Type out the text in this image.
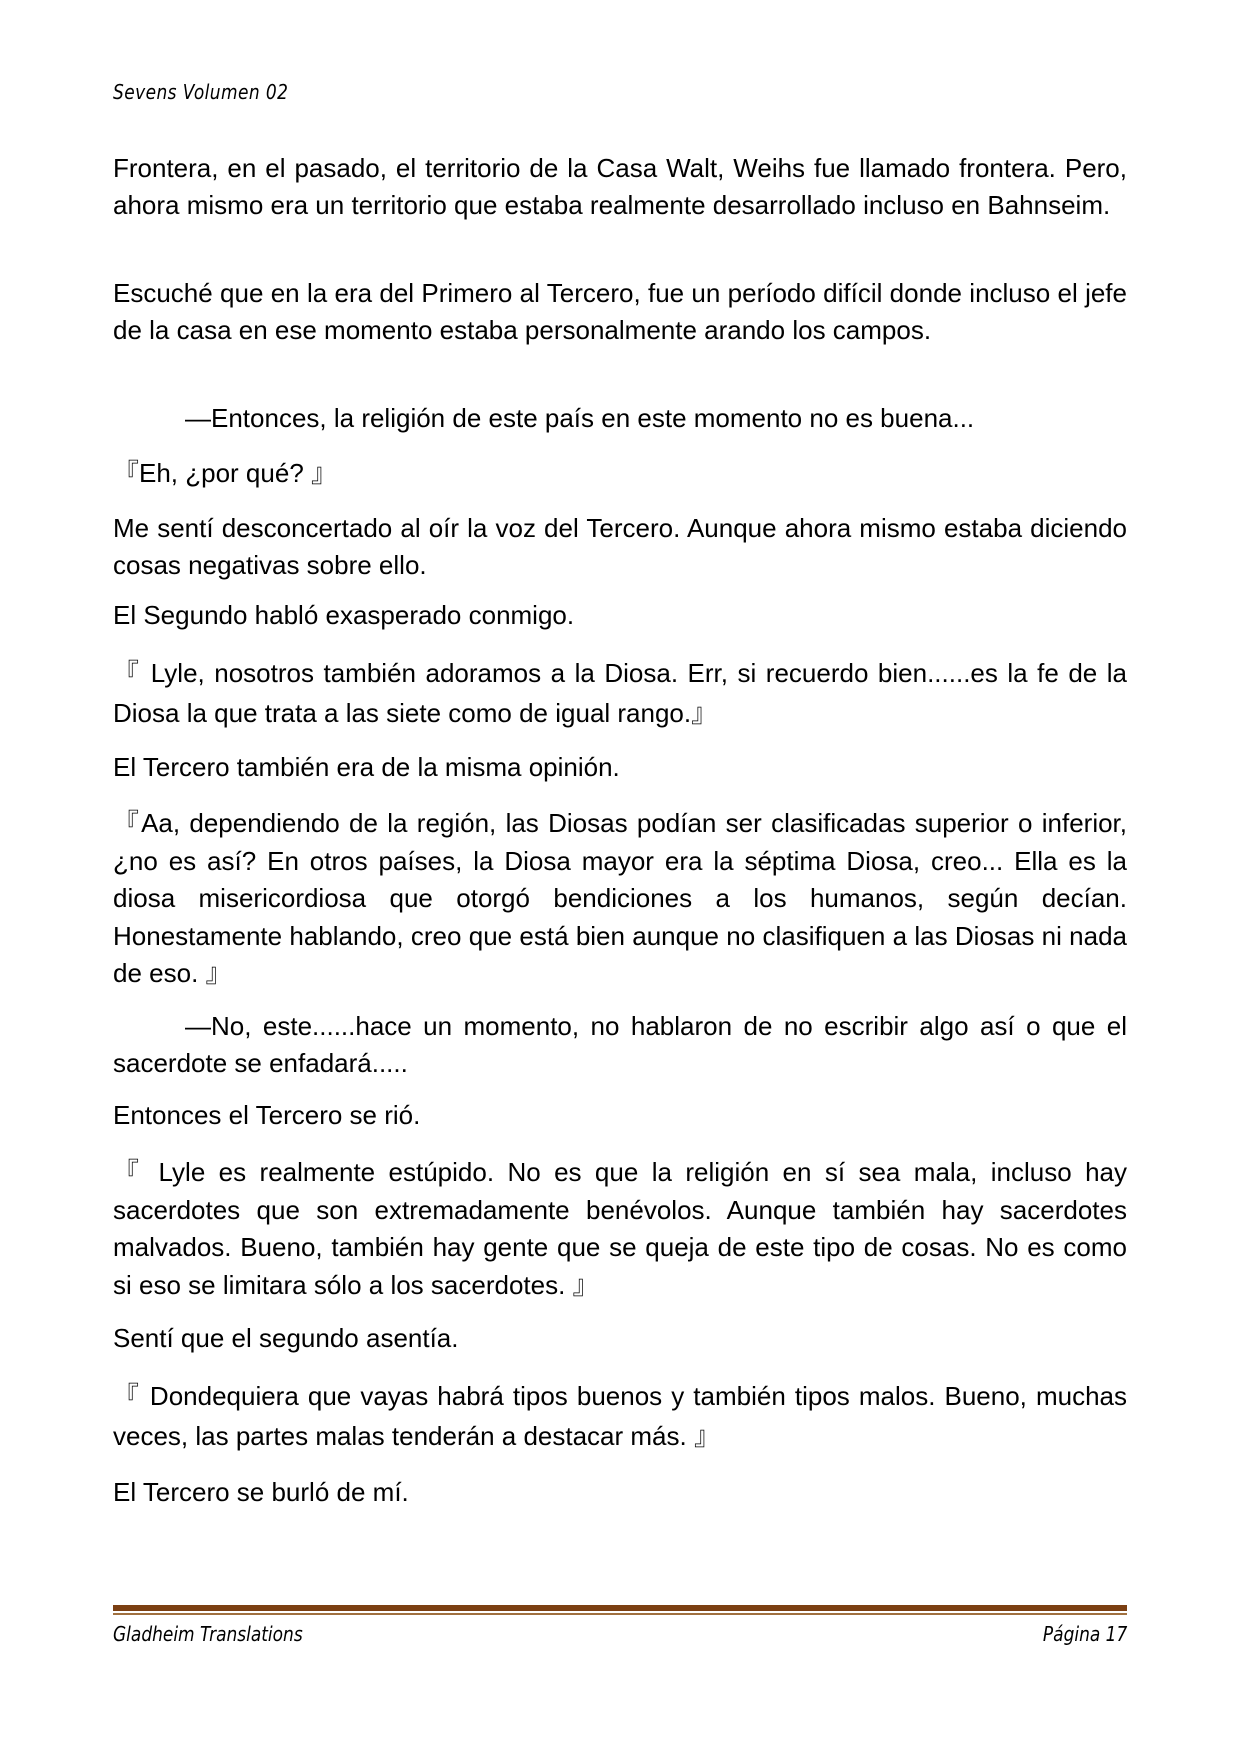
Sevens Volumen 02
Frontera, en el pasado, el territorio de la Casa Walt, Weihs fue llamado frontera. Pero, ahora mismo era un territorio que estaba realmente desarrollado incluso en Bahnseim.
Escuché que en la era del Primero al Tercero, fue un período difícil donde incluso el jefe de la casa en ese momento estaba personalmente arando los campos.
—Entonces, la religión de este país en este momento no es buena...
『Eh, ¿por qué? 』
Me sentí desconcertado al oír la voz del Tercero. Aunque ahora mismo estaba diciendo cosas negativas sobre ello.
El Segundo habló exasperado conmigo.
『 Lyle, nosotros también adoramos a la Diosa. Err, si recuerdo bien......es la fe de la Diosa la que trata a las siete como de igual rango.』
El Tercero también era de la misma opinión.
『Aa, dependiendo de la región, las Diosas podían ser clasificadas superior o inferior, ¿no es así? En otros países, la Diosa mayor era la séptima Diosa, creo... Ella es la diosa misericordiosa que otorgó bendiciones a los humanos, según decían. Honestamente hablando, creo que está bien aunque no clasifiquen a las Diosas ni nada de eso. 』
—No, este......hace un momento, no hablaron de no escribir algo así o que el sacerdote se enfadará.....
Entonces el Tercero se rió.
『 Lyle es realmente estúpido. No es que la religión en sí sea mala, incluso hay sacerdotes que son extremadamente benévolos. Aunque también hay sacerdotes malvados. Bueno, también hay gente que se queja de este tipo de cosas. No es como si eso se limitara sólo a los sacerdotes. 』
Sentí que el segundo asentía.
『 Dondequiera que vayas habrá tipos buenos y también tipos malos. Bueno, muchas veces, las partes malas tenderán a destacar más. 』
El Tercero se burló de mí.
Gladheim Translations	Página 17
